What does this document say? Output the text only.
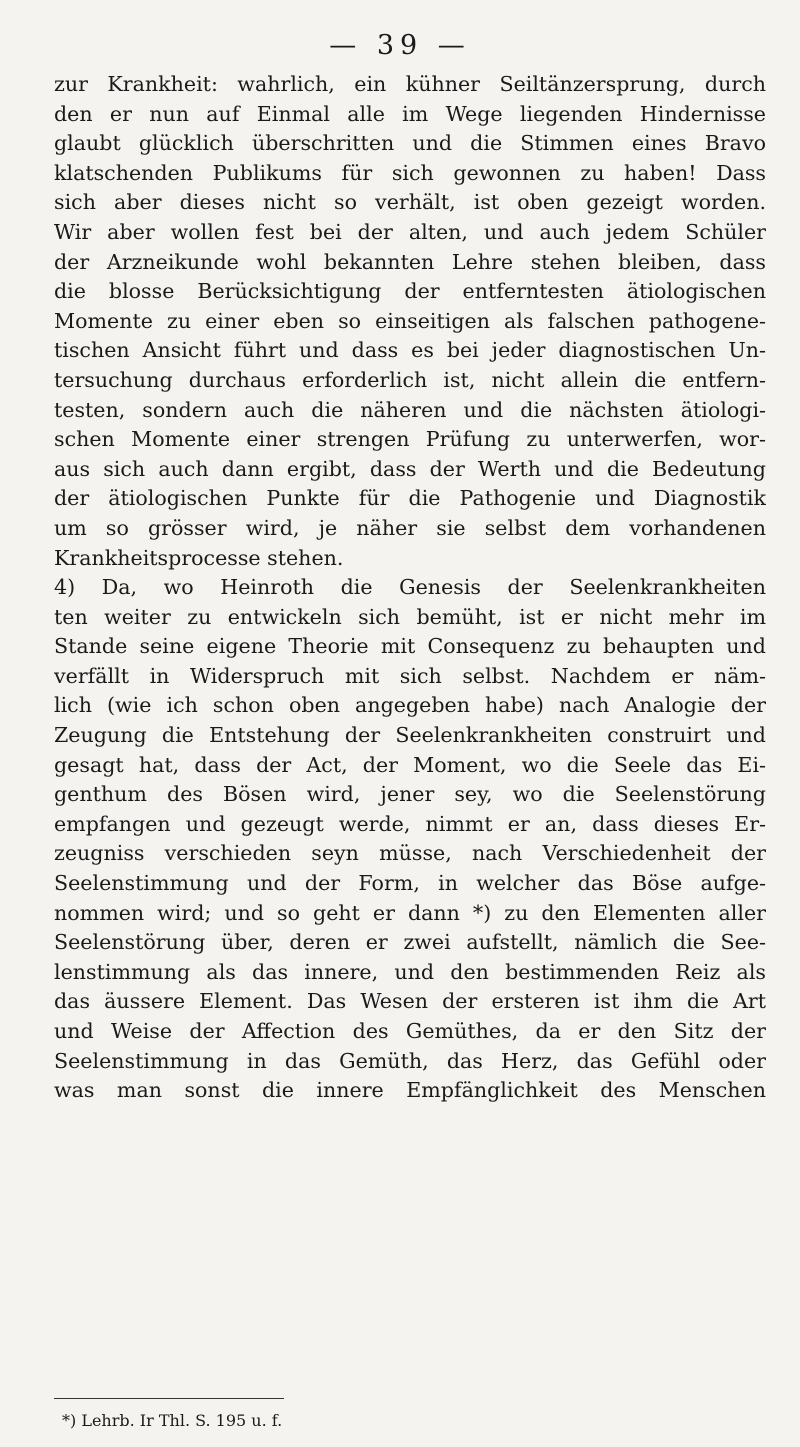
— 39 —
zur Krankheit: wahrlich, ein kühner Seiltänzersprung, durch
den er nun auf Einmal alle im Wege liegenden Hindernisse
glaubt glücklich überschritten und die Stimmen eines Bravo
klatschenden Publikums für sich gewonnen zu haben! Dass
sich aber dieses nicht so verhält, ist oben gezeigt worden.
Wir aber wollen fest bei der alten, und auch jedem Schüler
der Arzneikunde wohl bekannten Lehre stehen bleiben, dass
die blosse Berücksichtigung der entferntesten ätiologischen
Momente zu einer eben so einseitigen als falschen pathogene-
tischen Ansicht führt und dass es bei jeder diagnostischen Un-
tersuchung durchaus erforderlich ist, nicht allein die entfern-
testen, sondern auch die näheren und die nächsten ätiologi-
schen Momente einer strengen Prüfung zu unterwerfen, wor-
aus sich auch dann ergibt, dass der Werth und die Bedeutung
der ätiologischen Punkte für die Pathogenie und Diagnostik
um so grösser wird, je näher sie selbst dem vorhandenen
Krankheitsprocesse stehen.
4) Da, wo Heinroth die Genesis der Seelenkrankheiten
ten weiter zu entwickeln sich bemüht, ist er nicht mehr im
Stande seine eigene Theorie mit Consequenz zu behaupten und
verfällt in Widerspruch mit sich selbst. Nachdem er näm-
lich (wie ich schon oben angegeben habe) nach Analogie der
Zeugung die Entstehung der Seelenkrankheiten construirt und
gesagt hat, dass der Act, der Moment, wo die Seele das Ei-
genthum des Bösen wird, jener sey, wo die Seelenstörung
empfangen und gezeugt werde, nimmt er an, dass dieses Er-
zeugniss verschieden seyn müsse, nach Verschiedenheit der
Seelenstimmung und der Form, in welcher das Böse aufge-
nommen wird; und so geht er dann *) zu den Elementen aller
Seelenstörung über, deren er zwei aufstellt, nämlich die See-
lenstimmung als das innere, und den bestimmenden Reiz als
das äussere Element. Das Wesen der ersteren ist ihm die Art
und Weise der Affection des Gemüthes, da er den Sitz der
Seelenstimmung in das Gemüth, das Herz, das Gefühl oder
was man sonst die innere Empfänglichkeit des Menschen
*) Lehrb. Ir Thl. S. 195 u. f.
